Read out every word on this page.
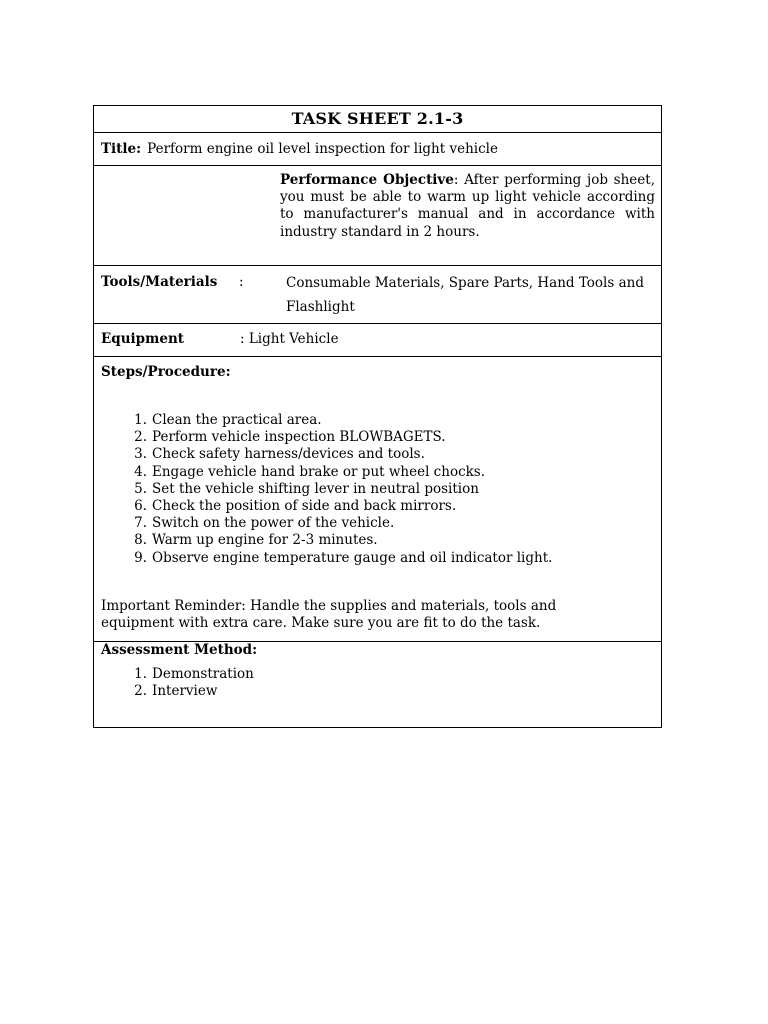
TASK SHEET 2.1-3
Title: Perform engine oil level inspection for light vehicle
Performance Objective: After performing job sheet, you must be able to warm up light vehicle according to manufacturer's manual and in accordance with industry standard in 2 hours.
Tools/Materials :	Consumable Materials, Spare Parts, Hand Tools and Flashlight
Equipment	: Light Vehicle
Steps/Procedure:
1. Clean the practical area.
2. Perform vehicle inspection BLOWBAGETS.
3. Check safety harness/devices and tools.
4. Engage vehicle hand brake or put wheel chocks.
5. Set the vehicle shifting lever in neutral position
6. Check the position of side and back mirrors.
7. Switch on the power of the vehicle.
8. Warm up engine for 2-3 minutes.
9. Observe engine temperature gauge and oil indicator light.
Important Reminder: Handle the supplies and materials, tools and equipment with extra care. Make sure you are fit to do the task.
Assessment Method:
1. Demonstration
2. Interview
